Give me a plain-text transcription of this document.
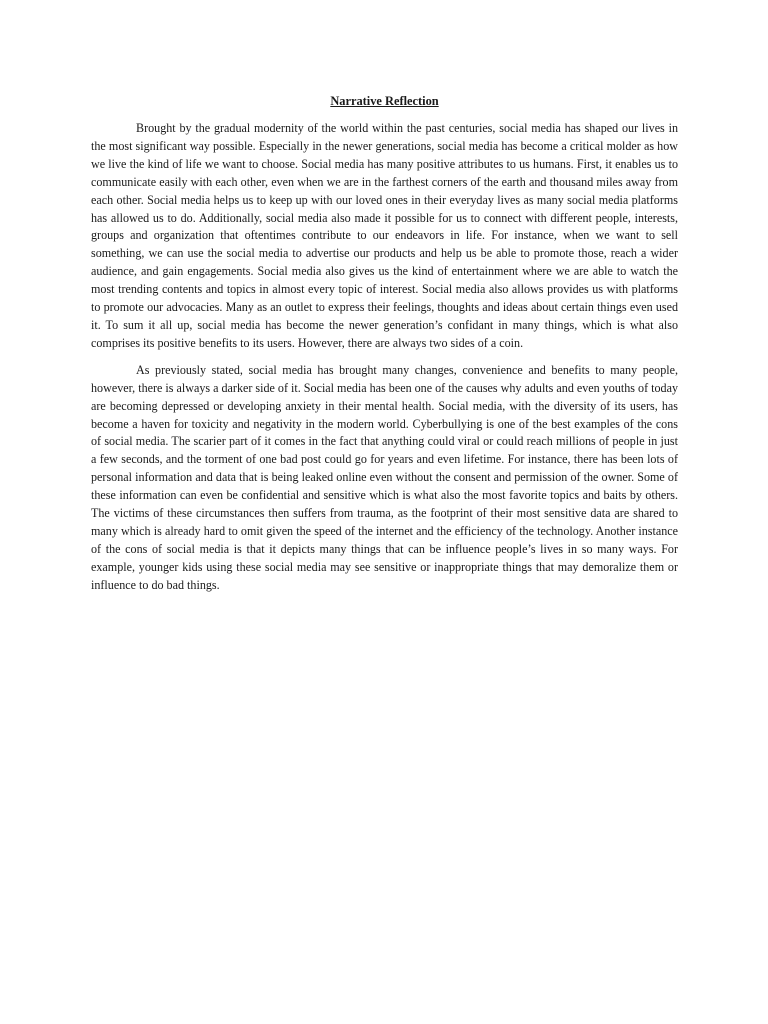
Narrative Reflection

Brought by the gradual modernity of the world within the past centuries, social media has shaped our lives in the most significant way possible. Especially in the newer generations, social media has become a critical molder as how we live the kind of life we want to choose. Social media has many positive attributes to us humans. First, it enables us to communicate easily with each other, even when we are in the farthest corners of the earth and thousand miles away from each other. Social media helps us to keep up with our loved ones in their everyday lives as many social media platforms has allowed us to do. Additionally, social media also made it possible for us to connect with different people, interests, groups and organization that oftentimes contribute to our endeavors in life. For instance, when we want to sell something, we can use the social media to advertise our products and help us be able to promote those, reach a wider audience, and gain engagements. Social media also gives us the kind of entertainment where we are able to watch the most trending contents and topics in almost every topic of interest. Social media also allows provides us with platforms to promote our advocacies. Many as an outlet to express their feelings, thoughts and ideas about certain things even used it. To sum it all up, social media has become the newer generation’s confidant in many things, which is what also comprises its positive benefits to its users. However, there are always two sides of a coin.

As previously stated, social media has brought many changes, convenience and benefits to many people, however, there is always a darker side of it. Social media has been one of the causes why adults and even youths of today are becoming depressed or developing anxiety in their mental health. Social media, with the diversity of its users, has become a haven for toxicity and negativity in the modern world. Cyberbullying is one of the best examples of the cons of social media. The scarier part of it comes in the fact that anything could viral or could reach millions of people in just a few seconds, and the torment of one bad post could go for years and even lifetime. For instance, there has been lots of personal information and data that is being leaked online even without the consent and permission of the owner. Some of these information can even be confidential and sensitive which is what also the most favorite topics and baits by others. The victims of these circumstances then suffers from trauma, as the footprint of their most sensitive data are shared to many which is already hard to omit given the speed of the internet and the efficiency of the technology. Another instance of the cons of social media is that it depicts many things that can be influence people’s lives in so many ways. For example, younger kids using these social media may see sensitive or inappropriate things that may demoralize them or influence to do bad things.
